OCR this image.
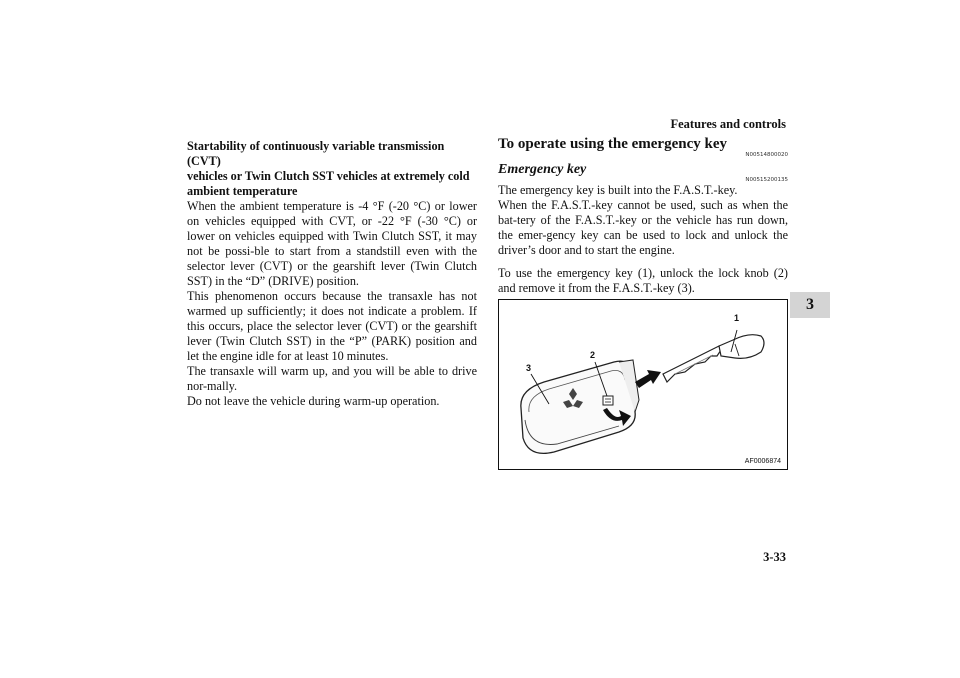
Features and controls
3
3-33

Startability of continuously variable transmission (CVT)

vehicles or Twin Clutch SST vehicles at extremely cold

ambient temperature

When the ambient temperature is -4 °F (-20 °C) or lower on vehicles equipped with CVT, or -22 °F (-30 °C) or lower on vehicles equipped with Twin Clutch SST, it may not be possi-ble to start from a standstill even with the selector lever (CVT) or the gearshift lever (Twin Clutch SST) in the “D” (DRIVE) position.

This phenomenon occurs because the transaxle has not warmed up sufficiently; it does not indicate a problem. If this occurs, place the selector lever (CVT) or the gearshift lever (Twin Clutch SST) in the “P” (PARK) position and let the engine idle for at least 10 minutes.

The transaxle will warm up, and you will be able to drive nor-mally.

Do not leave the vehicle during warm-up operation.

To operate using the emergency key
N00514800020
Emergency key
N00515200135

The emergency key is built into the F.A.S.T.-key.

When the F.A.S.T.-key cannot be used, such as when the bat-tery of the F.A.S.T.-key or the vehicle has run down, the emer-gency key can be used to lock and unlock the driver’s door and to start the engine.

To use the emergency key (1), unlock the lock knob (2) and remove it from the F.A.S.T.-key (3).

1
2
3
AF0006874
